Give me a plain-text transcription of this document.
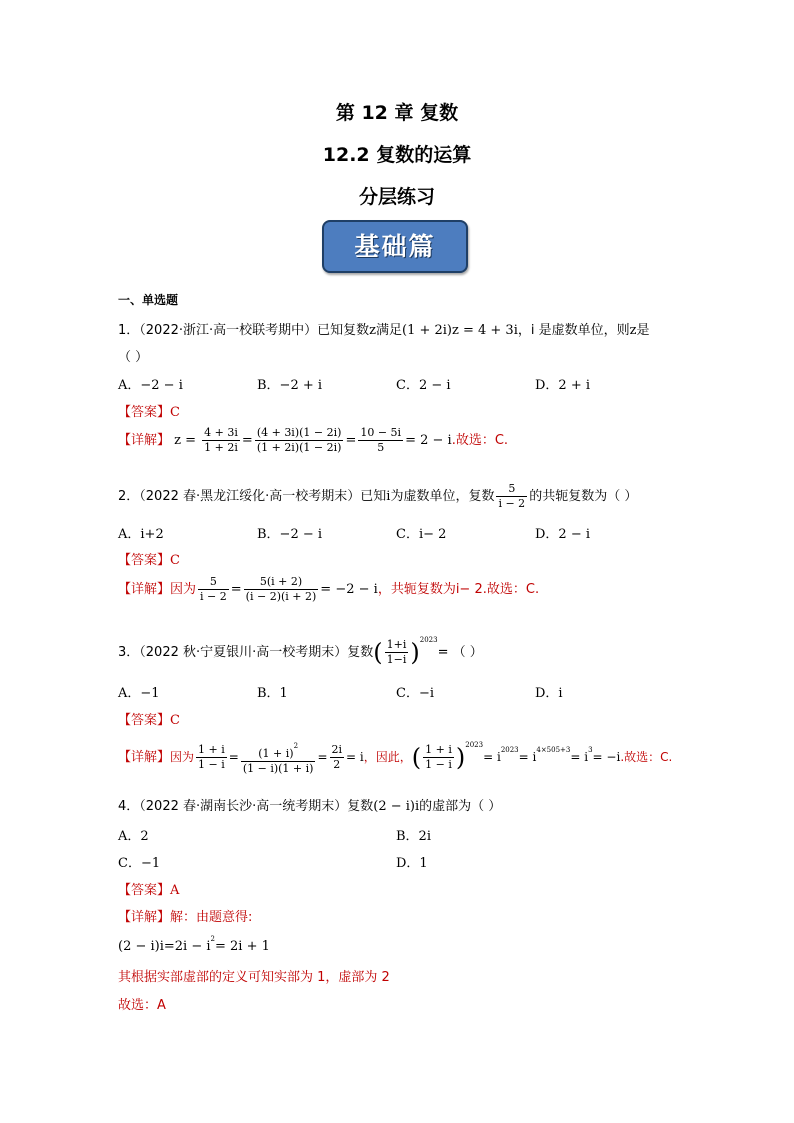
第 12 章 复数
12.2 复数的运算
分层练习
基础篇
一、单选题
1．（2022·浙江·高一校联考期中）已知复数z满足(1 + 2i)z = 4 + 3i，i 是虚数单位，则z是
（ ）
A．−2 − i	B．−2 + i	C．2 − i	D．2 + i
【答案】C
【详解】 $z = \frac{4 + 3i}{1 + 2i} = \frac{(4 + 3i)(1 - 2i)}{(1 + 2i)(1 - 2i)} = \frac{10 - 5i}{5} = 2 - i$.故选：C.
2．（2022 春·黑龙江绥化·高一校考期末）已知i为虚数单位，复数 $\frac{5}{i - 2}$ 的共轭复数为（ ）
A．i+2	B．−2 − i	C．i− 2	D．2 − i
【答案】C
【详解】因为 $\frac{5}{i - 2} = \frac{5(i + 2)}{(i - 2)(i + 2)} = -2 - i$，共轭复数为i− 2.故选：C.
3．（2022 秋·宁夏银川·高一校考期末）复数( $\frac{1+i}{1-i} )^{2023}=$ （ ）
A．−1	B．1	C．−i	D．i
【答案】C
【详解】因为 $\frac{1 + i}{1 - i} = \frac{(1 + i)^2}{(1 - i)(1 + i)} = \frac{2i}{2} = i$，因此，( $\frac{1 + i}{1 - i} )^{2023}= i^{2023}= i^{4\times 505+3}= i^3= -i$.故选：C.
4．（2022 春·湖南长沙·高一统考期末）复数(2 − i)i的虚部为（ ）
A．2	B．2i
C．−1	D．1
【答案】A
【详解】解：由题意得:
$(2 - i)i=2i - i^2= 2i + 1$
其根据实部虚部的定义可知实部为 1，虚部为 2
故选：A
